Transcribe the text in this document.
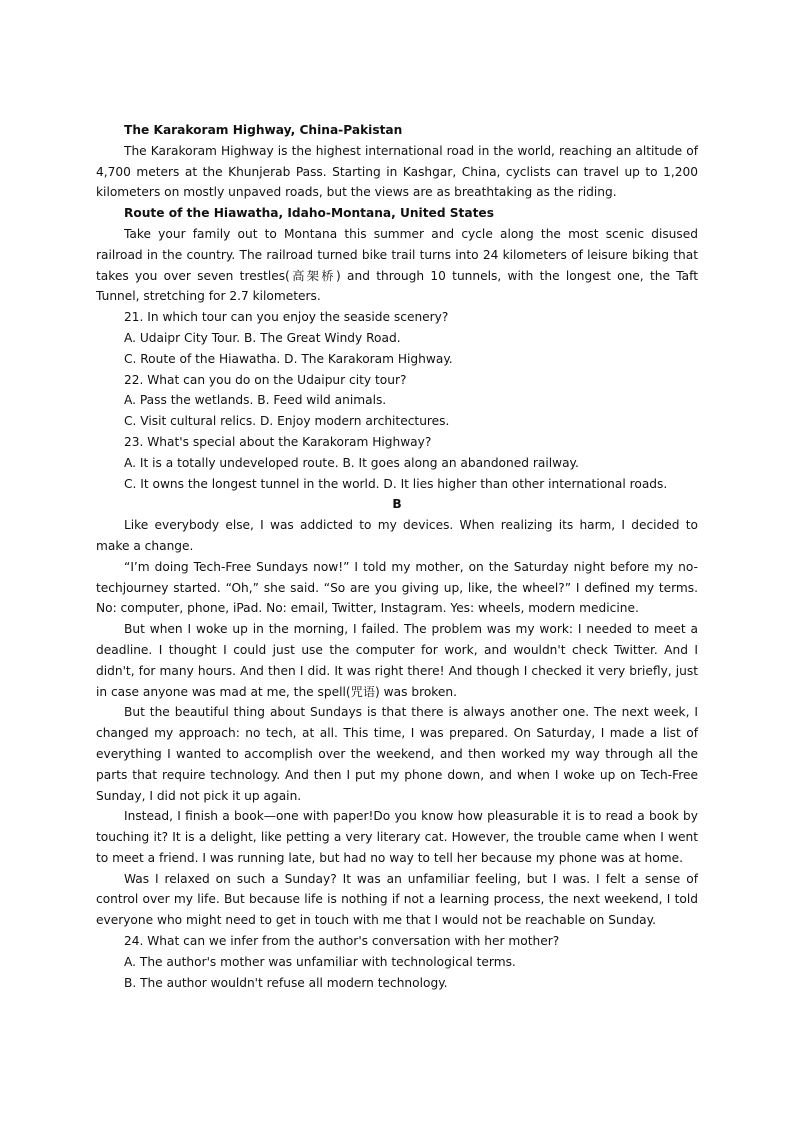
The Karakoram Highway, China-Pakistan

The Karakoram Highway is the highest international road in the world, reaching an altitude of 4,700 meters at the Khunjerab Pass. Starting in Kashgar, China, cyclists can travel up to 1,200 kilometers on mostly unpaved roads, but the views are as breathtaking as the riding.

Route of the Hiawatha, Idaho-Montana, United States

Take your family out to Montana this summer and cycle along the most scenic disused railroad in the country. The railroad turned bike trail turns into 24 kilometers of leisure biking that takes you over seven trestles(高架桥) and through 10 tunnels, with the longest one, the Taft Tunnel, stretching for 2.7 kilometers.

21. In which tour can you enjoy the seaside scenery?

A. Udaipr City Tour. B. The Great Windy Road.

C. Route of the Hiawatha. D. The Karakoram Highway.

22. What can you do on the Udaipur city tour?

A. Pass the wetlands. B. Feed wild animals.

C. Visit cultural relics. D. Enjoy modern architectures.

23. What's special about the Karakoram Highway?

A. It is a totally undeveloped route. B. It goes along an abandoned railway.

C. It owns the longest tunnel in the world. D. It lies higher than other international roads.

B

Like everybody else, I was addicted to my devices. When realizing its harm, I decided to make a change.

“I’m doing Tech-Free Sundays now!” I told my mother, on the Saturday night before my no-techjourney started. “Oh,” she said. “So are you giving up, like, the wheel?” I defined my terms. No: computer, phone, iPad. No: email, Twitter, Instagram. Yes: wheels, modern medicine.

But when I woke up in the morning, I failed. The problem was my work: I needed to meet a deadline. I thought I could just use the computer for work, and wouldn't check Twitter. And I didn't, for many hours. And then I did. It was right there! And though I checked it very briefly, just in case anyone was mad at me, the spell(咒语) was broken.

But the beautiful thing about Sundays is that there is always another one. The next week, I changed my approach: no tech, at all. This time, I was prepared. On Saturday, I made a list of everything I wanted to accomplish over the weekend, and then worked my way through all the parts that require technology. And then I put my phone down, and when I woke up on Tech-Free Sunday, I did not pick it up again.

Instead, I finish a book—one with paper!Do you know how pleasurable it is to read a book by touching it? It is a delight, like petting a very literary cat. However, the trouble came when I went to meet a friend. I was running late, but had no way to tell her because my phone was at home.

Was I relaxed on such a Sunday? It was an unfamiliar feeling, but I was. I felt a sense of control over my life. But because life is nothing if not a learning process, the next weekend, I told everyone who might need to get in touch with me that I would not be reachable on Sunday.

24. What can we infer from the author's conversation with her mother?

A. The author's mother was unfamiliar with technological terms.

B. The author wouldn't refuse all modern technology.
